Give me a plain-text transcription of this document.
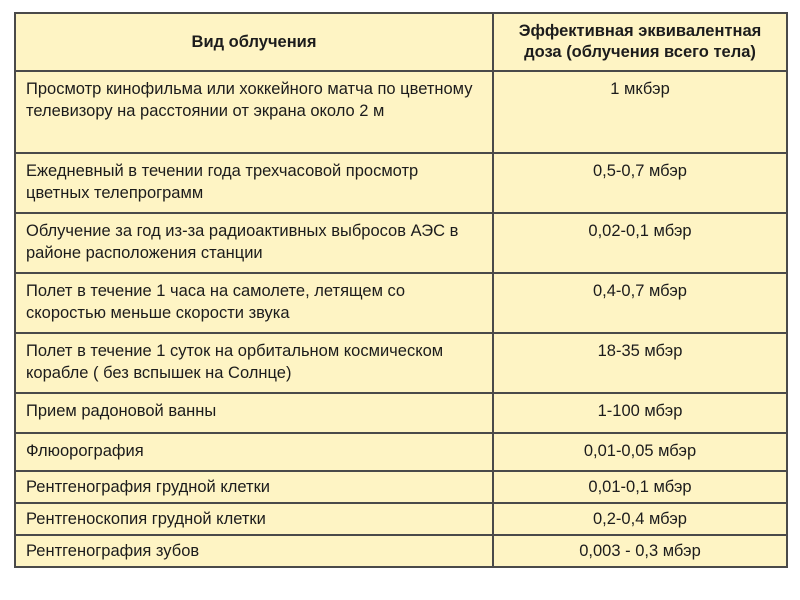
Вид облучения	Эффективная эквивалентная доза (облучения всего тела)
Просмотр кинофильма или хоккейного матча по цветному телевизору на расстоянии от экрана около 2 м	1 мкбэр
Ежедневный в течении года трехчасовой просмотр цветных телепрограмм	0,5-0,7 мбэр
Облучение за год из-за радиоактивных выбросов АЭС в районе расположения станции	0,02-0,1 мбэр
Полет в течение 1 часа на самолете, летящем со скоростью меньше скорости звука	0,4-0,7 мбэр
Полет в течение 1 суток на орбитальном космическом корабле ( без вспышек на Солнце)	18-35 мбэр
Прием радоновой ванны	1-100 мбэр
Флюорография	0,01-0,05 мбэр
Рентгенография грудной клетки	0,01-0,1 мбэр
Рентгеноскопия грудной клетки	0,2-0,4 мбэр
Рентгенография зубов	0,003 - 0,3 мбэр
